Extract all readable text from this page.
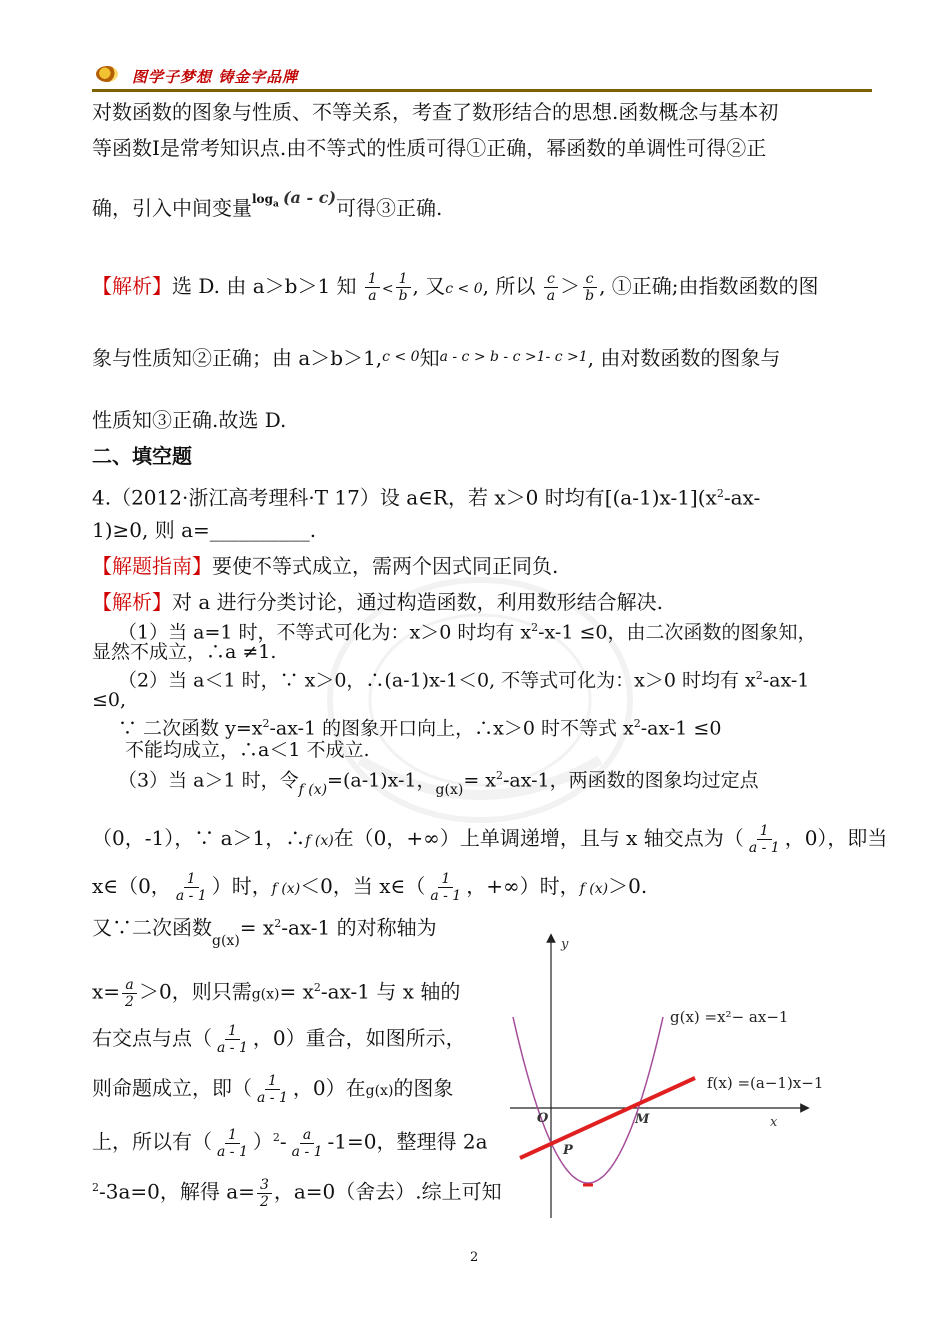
图学子梦想 铸金字品牌
对数函数的图象与性质、不等关系，考查了数形结合的思想.函数概念与基本初
等函数Ⅰ是常考知识点.由不等式的性质可得①正确，幂函数的单调性可得②正
确，引入中间变量$^{log_a (a - c)}$可得③正确.
【解析】选 D. 由 a＞b＞1 知 $\frac{1}{a} < \frac{1}{b}$ , 又c < 0, 所以 $\frac{c}{a} > \frac{c}{b}$ , ①正确;由指数函数的图
象与性质知②正确；由 a＞b＞1,$^{c < 0}$知$^{a - c > b - c >1- c >1}$, 由对数函数的图象与
性质知③正确.故选 D.
二、填空题
4.（2012·浙江高考理科·T 17）设 a∈R，若 x＞0 时均有$[(a-1)x-1](x^2-ax-$
1)≥0, 则 a=__________.
【解题指南】要使不等式成立，需两个因式同正同负.
【解析】对 a 进行分类讨论，通过构造函数，利用数形结合解决.
（1）当 a=1 时，不等式可化为：x＞0 时均有 $x^2-x-1 \le 0$，由二次函数的图象知，
显然不成立，∴a ≠1.
（2）当 a＜1 时，∵ x＞0，∴(a-1)x-1＜0, 不等式可化为：x＞0 时均有 $x^2-ax-1$
≤0,
∵ 二次函数 $y=x^2-ax-1$ 的图象开口向上，∴x＞0 时不等式 $x^2-ax-1 \le 0$
不能均成立，∴a＜1 不成立.
（3）当 a＞1 时，令$_{f (x)}$=(a-1)x-1，$_{g(x)}= x^2-ax-1$，两函数的图象均过定点
（0，-1），∵ a＞1，∴f (x)在（0，+∞）上单调递增，且与 x 轴交点为（ $\frac{1}{a - 1}$ ，0），即当
x∈（0， $\frac{1}{a - 1}$ ）时，f (x)＜0，当 x∈（ $\frac{1}{a - 1}$ ，+∞）时，f (x)＞0.
又∵二次函数$_{g(x)}= x^2-ax-1$ 的对称轴为
$x= \frac{a}{2} >0$，则只需$g(x)= x^2-ax-1$ 与 x 轴的
右交点与点（ $\frac{1}{a - 1}$ ，0）重合，如图所示，
则命题成立，即（ $\frac{1}{a - 1}$ ，0）在g(x)的图象
上，所以有（ $\frac{1}{a - 1} )^2- \frac{a}{a - 1} -1=0$，整理得 2a
$^2$-3a=0，解得 $a= \frac{3}{2}$ ，a=0（舍去）.综上可知
y
x
O	M
P
g(x) =x²− ax−1
f(x) =(a−1)x−1
2
